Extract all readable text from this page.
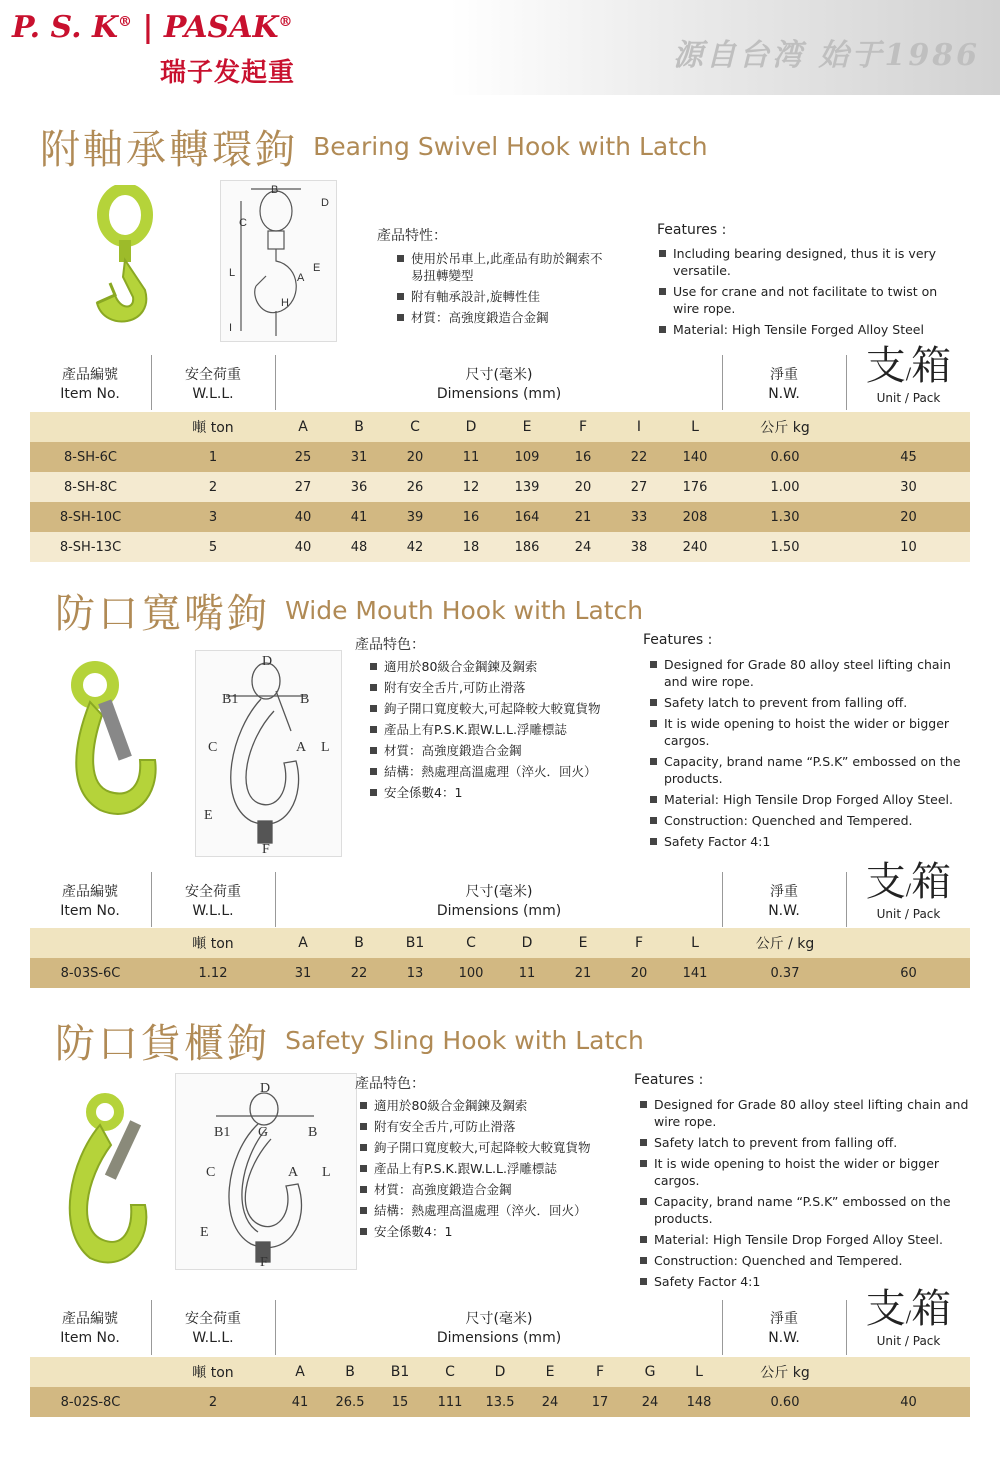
P. S. K® | PASAK®
瑞子发起重	源自台湾 始于1986
附軸承轉環鉤 Bearing Swivel Hook with Latch
B
C
D
L	E
A
H
I
產品特性：
使用於吊車上,此產品有助於鋼索不易扭轉變型
附有軸承設計,旋轉性佳
材質：高強度鍛造合金鋼
Features :
Including bearing designed, thus it is very versatile.
Use for crane and not facilitate to twist on wire rope.
Material: High Tensile Forged Alloy Steel
產品編號
Item No.
安全荷重
W.L.L.
尺寸(毫米)
Dimensions (mm)
淨重
N.W.
支/箱
Unit / Pack
	噸 ton	A	B	C	D	E	F	I	L	公斤 kg	
8-SH-6C	1	25	31	20	11	109	16	22	140	0.60	45
8-SH-8C	2	27	36	26	12	139	20	27	176	1.00	30
8-SH-10C	3	40	41	39	16	164	21	33	208	1.30	20
8-SH-13C	5	40	48	42	18	186	24	38	240	1.50	10
防口寬嘴鉤 Wide Mouth Hook with Latch
D
B1	B
C	A L
E
F
產品特色：
適用於80級合金鋼鍊及鋼索
附有安全舌片,可防止滑落
鉤子開口寬度較大,可起降較大較寬貨物
產品上有P.S.K.跟W.L.L.浮雕標誌
材質：高強度鍛造合金鋼
結構：熱處理高溫處理（淬火．回火）
安全係數4：1
Features :
Designed for Grade 80 alloy steel lifting chain and wire rope.
Safety latch to prevent from falling off.
It is wide opening to hoist the wider or bigger cargos.
Capacity, brand name “P.S.K” embossed on the products.
Material: High Tensile Drop Forged Alloy Steel.
Construction: Quenched and Tempered.
Safety Factor 4:1
產品編號
Item No.
安全荷重
W.L.L.
尺寸(毫米)
Dimensions (mm)
淨重
N.W.
支/箱
Unit / Pack
	噸 ton	A	B	B1	C	D	E	F	L	公斤 / kg	
8-03S-6C	1.12	31	22	13	100	11	21	20	141	0.37	60
防口貨櫃鉤 Safety Sling Hook with Latch
D
B1 G	B
C	A L
E
F
產品特色：
適用於80級合金鋼鍊及鋼索
附有安全舌片,可防止滑落
鉤子開口寬度較大,可起降較大較寬貨物
產品上有P.S.K.跟W.L.L.浮雕標誌
材質：高強度鍛造合金鋼
結構：熱處理高溫處理（淬火．回火）
安全係數4：1
Features :
Designed for Grade 80 alloy steel lifting chain and wire rope.
Safety latch to prevent from falling off.
It is wide opening to hoist the wider or bigger cargos.
Capacity, brand name “P.S.K” embossed on the products.
Material: High Tensile Drop Forged Alloy Steel.
Construction: Quenched and Tempered.
Safety Factor 4:1
產品編號
Item No.
安全荷重
W.L.L.
尺寸(毫米)
Dimensions (mm)
淨重
N.W.
支/箱
Unit / Pack
	噸 ton	A	B	B1	C	D	E	F	G	L	公斤 kg	
8-02S-8C	2	41	26.5	15	111	13.5	24	17	24	148	0.60	40
